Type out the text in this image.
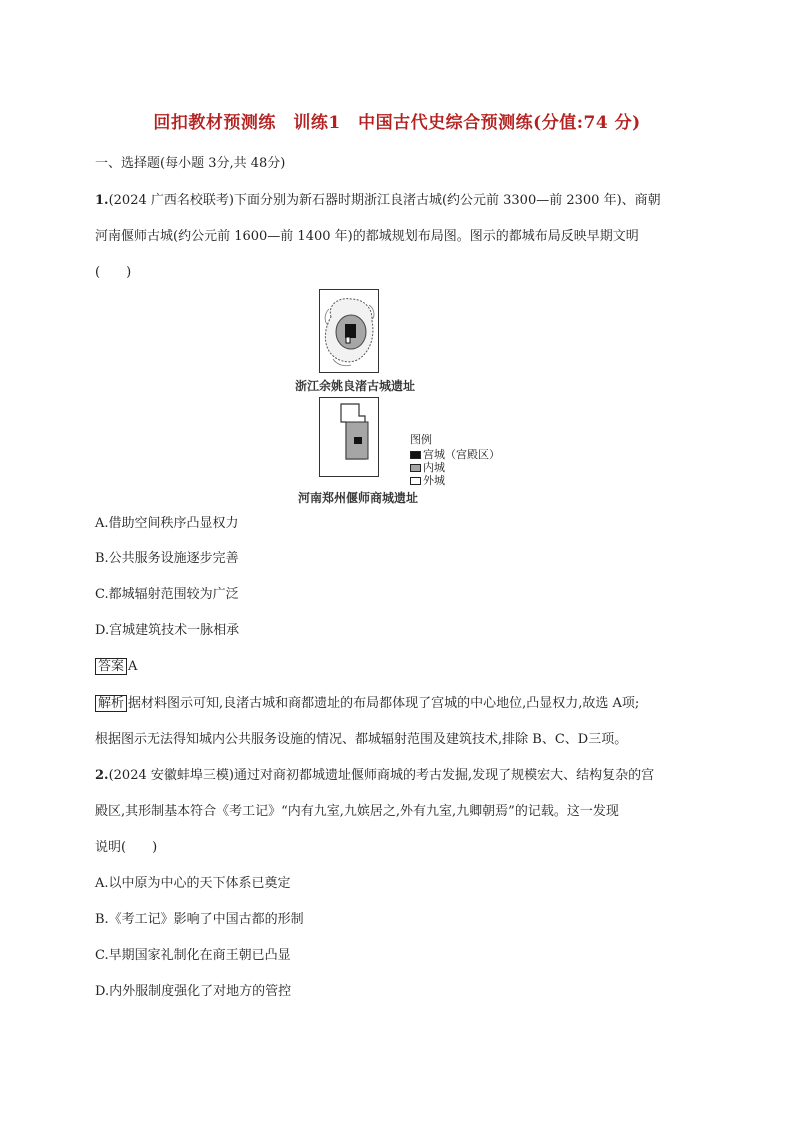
回扣教材预测练　训练1　中国古代史综合预测练(分值:74 分)
一、选择题(每小题 3分,共 48分)
1.(2024 广西名校联考)下面分别为新石器时期浙江良渚古城(约公元前 3300—前 2300 年)、商朝
河南偃师古城(约公元前 1600—前 1400 年)的都城规划布局图。图示的都城布局反映早期文明
(　　)
浙江余姚良渚古城遗址
图例
宫城（宫殿区）
内城
外城
河南郑州偃师商城遗址
A.借助空间秩序凸显权力
B.公共服务设施逐步完善
C.都城辐射范围较为广泛
D.宫城建筑技术一脉相承
答案 A
解析 据材料图示可知,良渚古城和商都遗址的布局都体现了宫城的中心地位,凸显权力,故选 A项;
根据图示无法得知城内公共服务设施的情况、都城辐射范围及建筑技术,排除 B、C、D三项。
2.(2024 安徽蚌埠三模)通过对商初都城遗址偃师商城的考古发掘,发现了规模宏大、结构复杂的宫
殿区,其形制基本符合《考工记》“内有九室,九嫔居之,外有九室,九卿朝焉”的记载。这一发现
说明(　　)
A.以中原为中心的天下体系已奠定
B.《考工记》影响了中国古都的形制
C.早期国家礼制化在商王朝已凸显
D.内外服制度强化了对地方的管控
